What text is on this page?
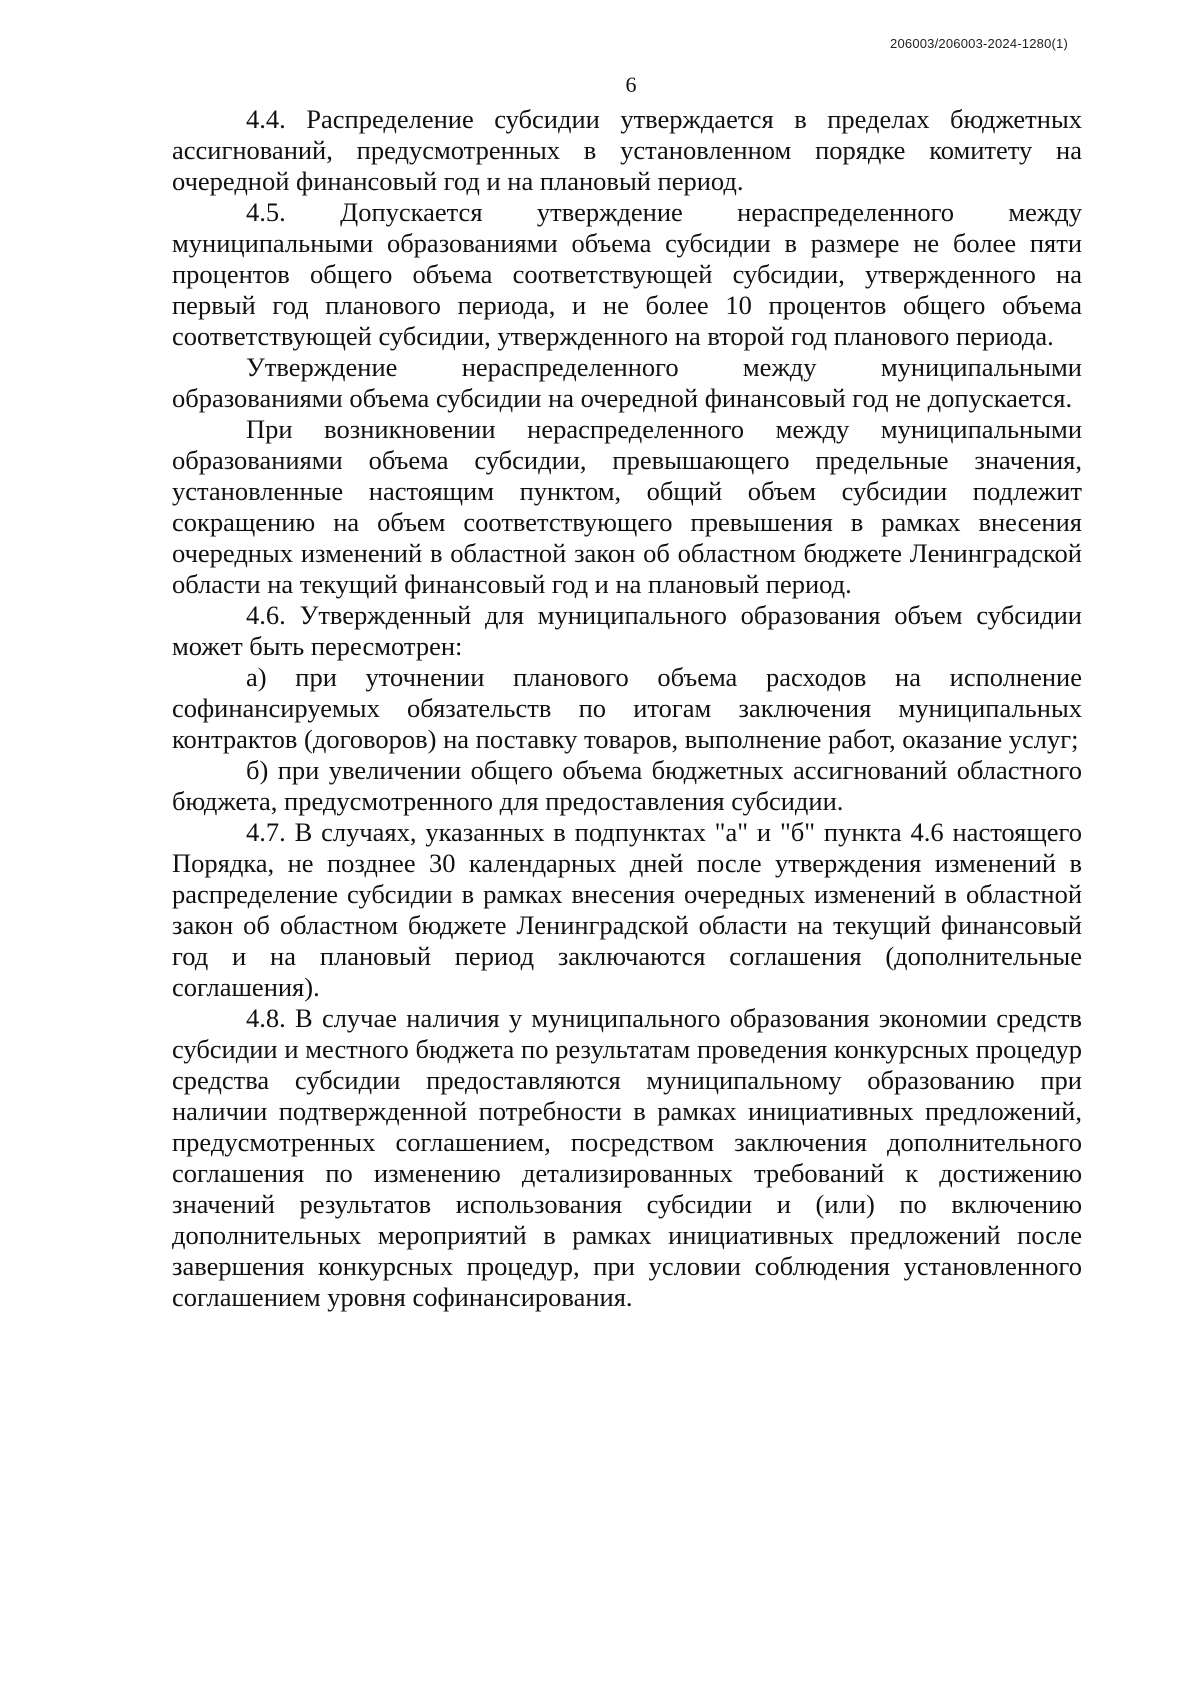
206003/206003-2024-1280(1)
6

4.4. Распределение субсидии утверждается в пределах бюджетных ассигнований, предусмотренных в установленном порядке комитету на очередной финансовый год и на плановый период.

4.5. Допускается утверждение нераспределенного между муниципальными образованиями объема субсидии в размере не более пяти процентов общего объема соответствующей субсидии, утвержденного на первый год планового периода, и не более 10 процентов общего объема соответствующей субсидии, утвержденного на второй год планового периода.

Утверждение нераспределенного между муниципальными образованиями объема субсидии на очередной финансовый год не допускается.

При возникновении нераспределенного между муниципальными образованиями объема субсидии, превышающего предельные значения, установленные настоящим пунктом, общий объем субсидии подлежит сокращению на объем соответствующего превышения в рамках внесения очередных изменений в областной закон об областном бюджете Ленинградской области на текущий финансовый год и на плановый период.

4.6. Утвержденный для муниципального образования объем субсидии может быть пересмотрен:

а) при уточнении планового объема расходов на исполнение софинансируемых обязательств по итогам заключения муниципальных контрактов (договоров) на поставку товаров, выполнение работ, оказание услуг;

б) при увеличении общего объема бюджетных ассигнований областного бюджета, предусмотренного для предоставления субсидии.

4.7. В случаях, указанных в подпунктах "а" и "б" пункта 4.6 настоящего Порядка, не позднее 30 календарных дней после утверждения изменений в распределение субсидии в рамках внесения очередных изменений в областной закон об областном бюджете Ленинградской области на текущий финансовый год и на плановый период заключаются соглашения (дополнительные соглашения).

4.8. В случае наличия у муниципального образования экономии средств субсидии и местного бюджета по результатам проведения конкурсных процедур средства субсидии предоставляются муниципальному образованию при наличии подтвержденной потребности в рамках инициативных предложений, предусмотренных соглашением, посредством заключения дополнительного соглашения по изменению детализированных требований к достижению значений результатов использования субсидии и (или) по включению дополнительных мероприятий в рамках инициативных предложений после завершения конкурсных процедур, при условии соблюдения установленного соглашением уровня софинансирования.
